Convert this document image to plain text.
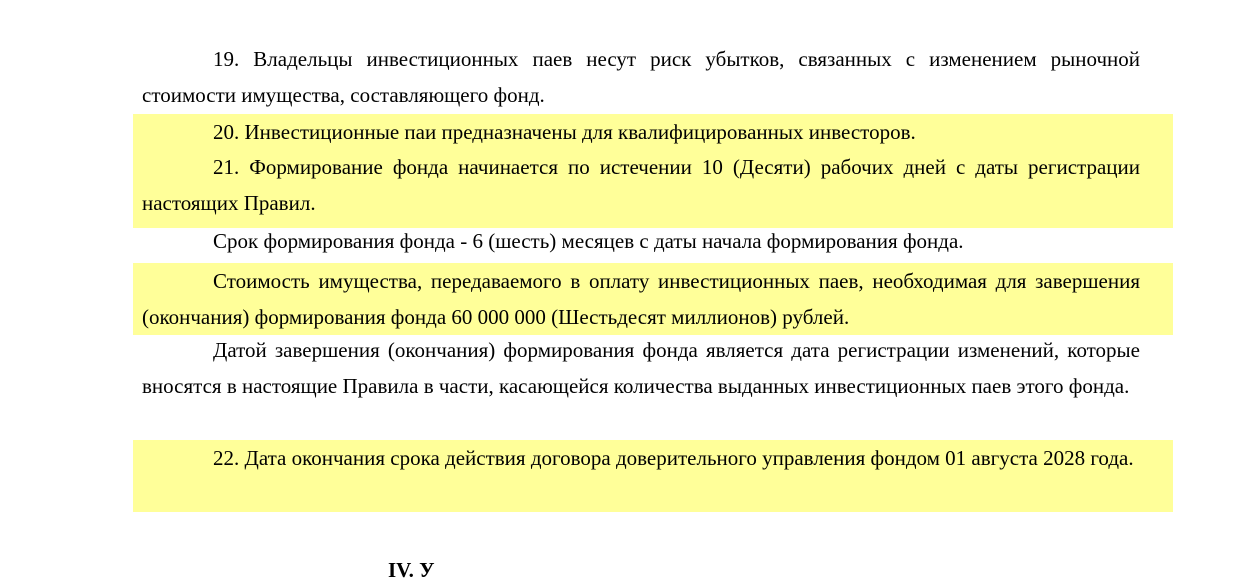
19. Владельцы инвестиционных паев несут риск убытков, связанных с изменением рыночной стоимости имущества, составляющего фонд.

20. Инвестиционные паи предназначены для квалифицированных инвесторов.

21. Формирование фонда начинается по истечении 10 (Десяти) рабочих дней с даты регистрации настоящих Правил.

Срок формирования фонда - 6 (шесть) месяцев с даты начала формирования фонда.

Стоимость имущества, передаваемого в оплату инвестиционных паев, необходимая для завершения (окончания) формирования фонда 60 000 000 (Шестьдесят миллионов) рублей.

Датой завершения (окончания) формирования фонда является дата регистрации изменений, которые вносятся в настоящие Правила в части, касающейся количества выданных инвестиционных паев этого фонда.

22. Дата окончания срока действия договора доверительного управления фондом 01 августа 2028 года.

IV. У
